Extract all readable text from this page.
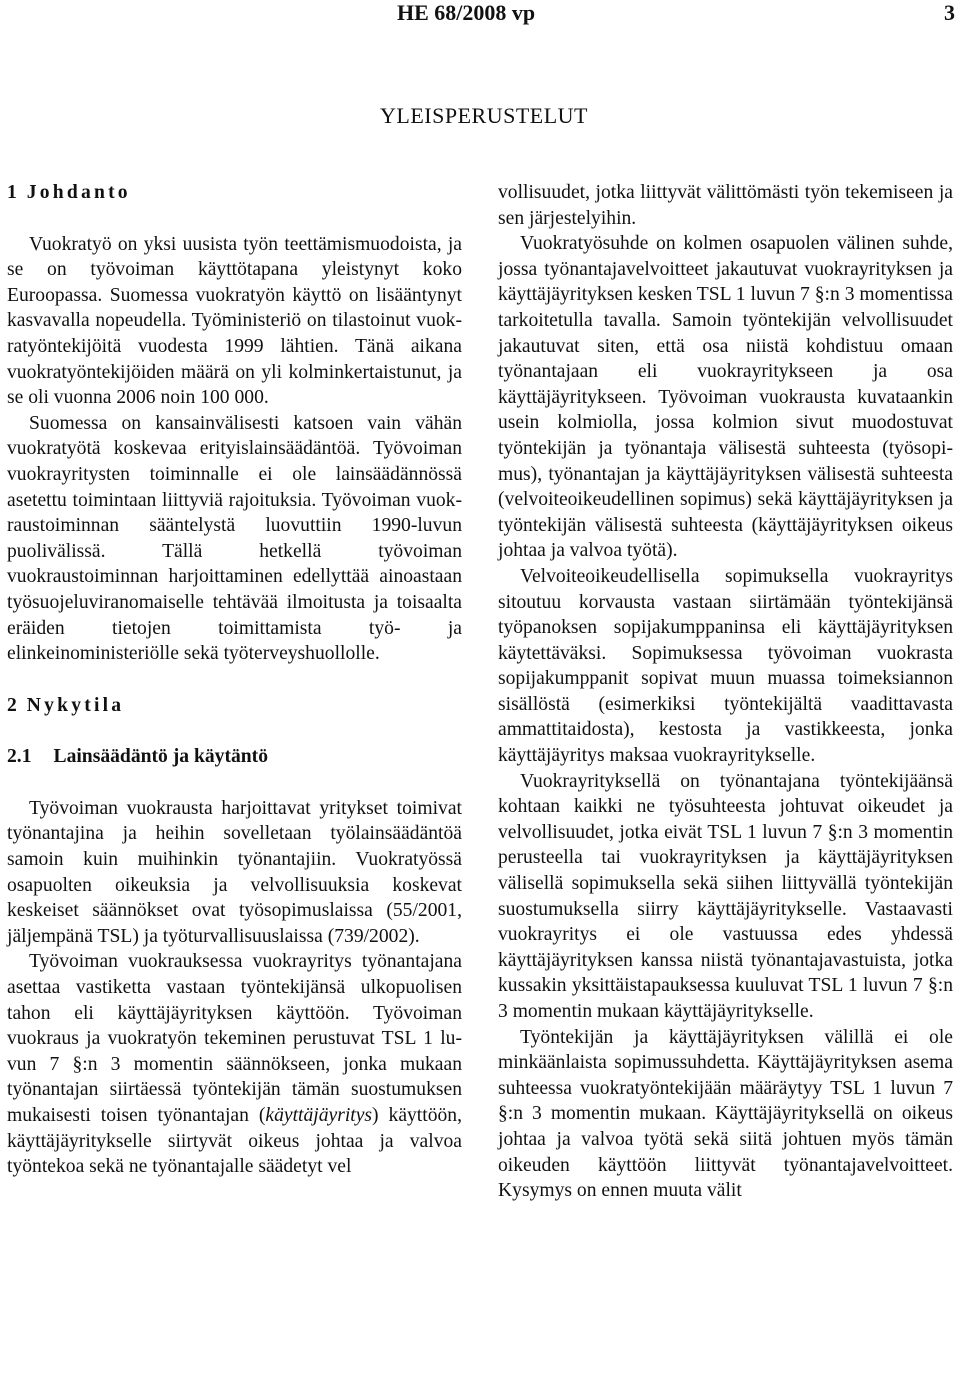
HE 68/2008 vp	3
YLEISPERUSTELUT
1 Johdanto

Vuokratyö on yksi uusista työn teettämismuodoista, ja se on työvoiman käyttötapana yleistynyt koko Euroopassa. Suomessa vuokratyön käyttö on lisääntynyt kasvavalla nopeudella. Työministeriö on tilastoinut vuokratyöntekijöitä vuodesta 1999 lähtien. Tänä aikana vuokratyöntekijöiden määrä on yli kolminkertaistunut, ja se oli vuonna 2006 noin 100 000.

Suomessa on kansainvälisesti katsoen vain vähän vuokratyötä koskevaa erityislainsäädäntöä. Työvoiman vuokrayritysten toiminnalle ei ole lainsäädännössä asetettu toimintaan liittyviä rajoituksia. Työvoiman vuokraustoiminnan sääntelystä luovuttiin 1990-luvun puolivälissä. Tällä hetkellä työvoiman vuokraustoiminnan harjoittaminen edellyttää ainoastaan työsuojeluviranomaiselle tehtävää ilmoitusta ja toisaalta eräiden tietojen toimittamista työ- ja elinkeinoministeriölle sekä työterveyshuollolle.

2 Nykytila
2.1 Lainsäädäntö ja käytäntö

Työvoiman vuokrausta harjoittavat yritykset toimivat työnantajina ja heihin sovelletaan työlainsäädäntöä samoin kuin muihinkin työnantajiin. Vuokratyössä osapuolten oikeuksia ja velvollisuuksia koskevat keskeiset säännökset ovat työsopimuslaissa (55/2001, jäljempänä TSL) ja työturvallisuuslaissa (739/2002).

Työvoiman vuokrauksessa vuokrayritys työnantajana asettaa vastiketta vastaan työntekijänsä ulkopuolisen tahon eli käyttäjäyrityksen käyttöön. Työvoiman vuokraus ja vuokratyön tekeminen perustuvat TSL 1 luvun 7 §:n 3 momentin säännökseen, jonka mukaan työnantajan siirtäessä työntekijän tämän suostumuksen mukaisesti toisen työnantajan (käyttäjäyritys) käyttöön, käyttäjäyritykselle siirtyvät oikeus johtaa ja valvoa työntekoa sekä ne työnantajalle säädetyt vel

vollisuudet, jotka liittyvät välittömästi työn tekemiseen ja sen järjestelyihin.

Vuokratyösuhde on kolmen osapuolen välinen suhde, jossa työnantajavelvoitteet jakautuvat vuokrayrityksen ja käyttäjäyrityksen kesken TSL 1 luvun 7 §:n 3 momentissa tarkoitetulla tavalla. Samoin työntekijän velvollisuudet jakautuvat siten, että osa niistä kohdistuu omaan työnantajaan eli vuokrayritykseen ja osa käyttäjäyritykseen. Työvoiman vuokrausta kuvataankin usein kolmiolla, jossa kolmion sivut muodostuvat työntekijän ja työnantaja välisestä suhteesta (työsopimus), työnantajan ja käyttäjäyrityksen välisestä suhteesta (velvoiteoikeudellinen sopimus) sekä käyttäjäyrityksen ja työntekijän välisestä suhteesta (käyttäjäyrityksen oikeus johtaa ja valvoa työtä).

Velvoiteoikeudellisella sopimuksella vuokrayritys sitoutuu korvausta vastaan siirtämään työntekijänsä työpanoksen sopijakumppaninsa eli käyttäjäyrityksen käytettäväksi. Sopimuksessa työvoiman vuokrasta sopijakumppanit sopivat muun muassa toimeksiannon sisällöstä (esimerkiksi työntekijältä vaadittavasta ammattitaidosta), kestosta ja vastikkeesta, jonka käyttäjäyritys maksaa vuokrayritykselle.

Vuokrayrityksellä on työnantajana työntekijäänsä kohtaan kaikki ne työsuhteesta johtuvat oikeudet ja velvollisuudet, jotka eivät TSL 1 luvun 7 §:n 3 momentin perusteella tai vuokrayrityksen ja käyttäjäyrityksen välisellä sopimuksella sekä siihen liittyvällä työntekijän suostumuksella siirry käyttäjäyritykselle. Vastaavasti vuokrayritys ei ole vastuussa edes yhdessä käyttäjäyrityksen kanssa niistä työnantajavastuista, jotka kussakin yksittäistapauksessa kuuluvat TSL 1 luvun 7 §:n 3 momentin mukaan käyttäjäyritykselle.

Työntekijän ja käyttäjäyrityksen välillä ei ole minkäänlaista sopimussuhdetta. Käyttäjäyrityksen asema suhteessa vuokratyöntekijään määräytyy TSL 1 luvun 7 §:n 3 momentin mukaan. Käyttäjäyrityksellä on oikeus johtaa ja valvoa työtä sekä siitä johtuen myös tämän oikeuden käyttöön liittyvät työnantajavelvoitteet. Kysymys on ennen muuta välit
